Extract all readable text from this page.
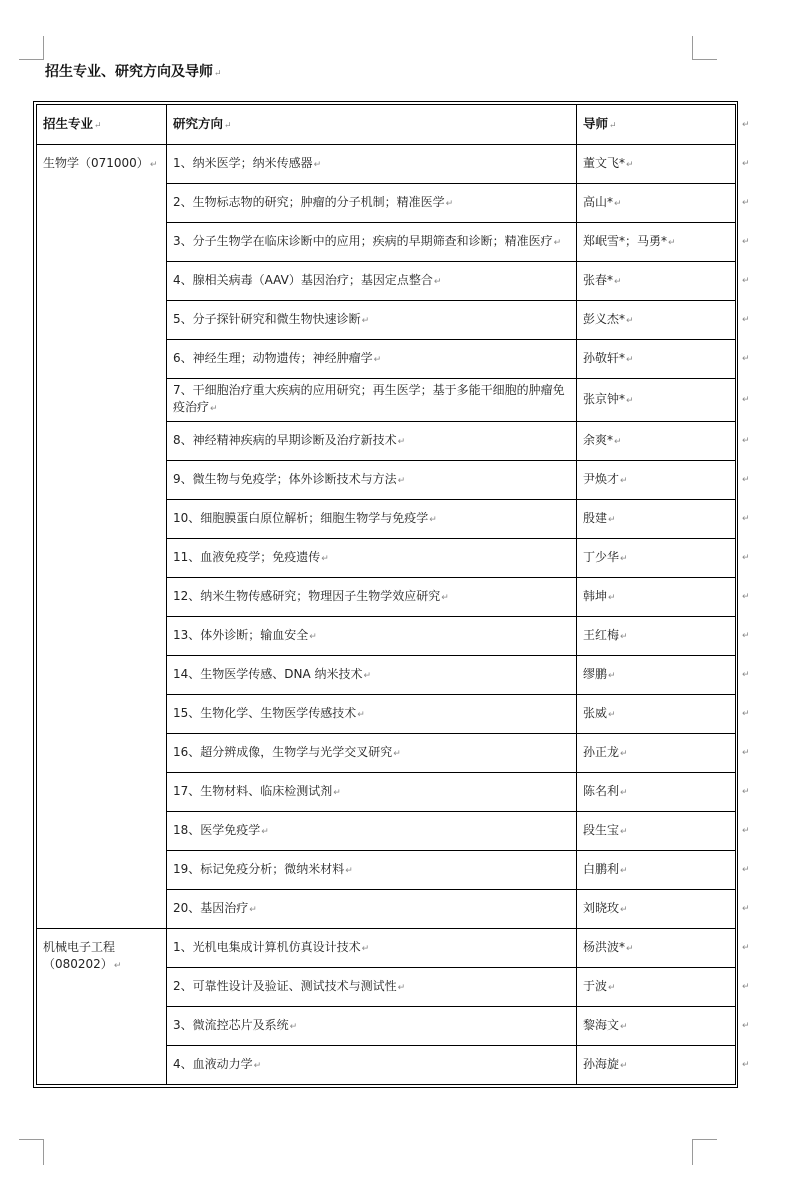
招生专业、研究方向及导师↵
招生专业↵	研究方向↵	导师↵
生物学（071000）↵	1、纳米医学；纳米传感器↵	董文飞*↵
	2、生物标志物的研究；肿瘤的分子机制；精准医学↵	高山*↵
	3、分子生物学在临床诊断中的应用；疾病的早期筛查和诊断；精准医疗↵	郑岷雪*；马勇*↵
	4、腺相关病毒（AAV）基因治疗；基因定点整合↵	张春*↵
	5、分子探针研究和微生物快速诊断↵	彭义杰*↵
	6、神经生理；动物遗传；神经肿瘤学↵	孙敬轩*↵
	7、干细胞治疗重大疾病的应用研究；再生医学；基于多能干细胞的肿瘤免疫治疗↵	张京钟*↵
	8、神经精神疾病的早期诊断及治疗新技术↵	余爽*↵
	9、微生物与免疫学；体外诊断技术与方法↵	尹焕才↵
	10、细胞膜蛋白原位解析；细胞生物学与免疫学↵	殷建↵
	11、血液免疫学；免疫遗传↵	丁少华↵
	12、纳米生物传感研究；物理因子生物学效应研究↵	韩坤↵
	13、体外诊断；输血安全↵	王红梅↵
	14、生物医学传感、DNA 纳米技术↵	缪鹏↵
	15、生物化学、生物医学传感技术↵	张威↵
	16、超分辨成像，生物学与光学交叉研究↵	孙正龙↵
	17、生物材料、临床检测试剂↵	陈名利↵
	18、医学免疫学↵	段生宝↵
	19、标记免疫分析；微纳米材料↵	白鹏利↵
	20、基因治疗↵	刘晓玫↵
机械电子工程（080202）↵	1、光机电集成计算机仿真设计技术↵	杨洪波*↵
	2、可靠性设计及验证、测试技术与测试性↵	于波↵
	3、微流控芯片及系统↵	黎海文↵
	4、血液动力学↵	孙海旋↵
↵
↵
↵
↵
↵
↵
↵
↵
↵
↵
↵
↵
↵
↵
↵
↵
↵
↵
↵
↵
↵
↵
↵
↵
↵
